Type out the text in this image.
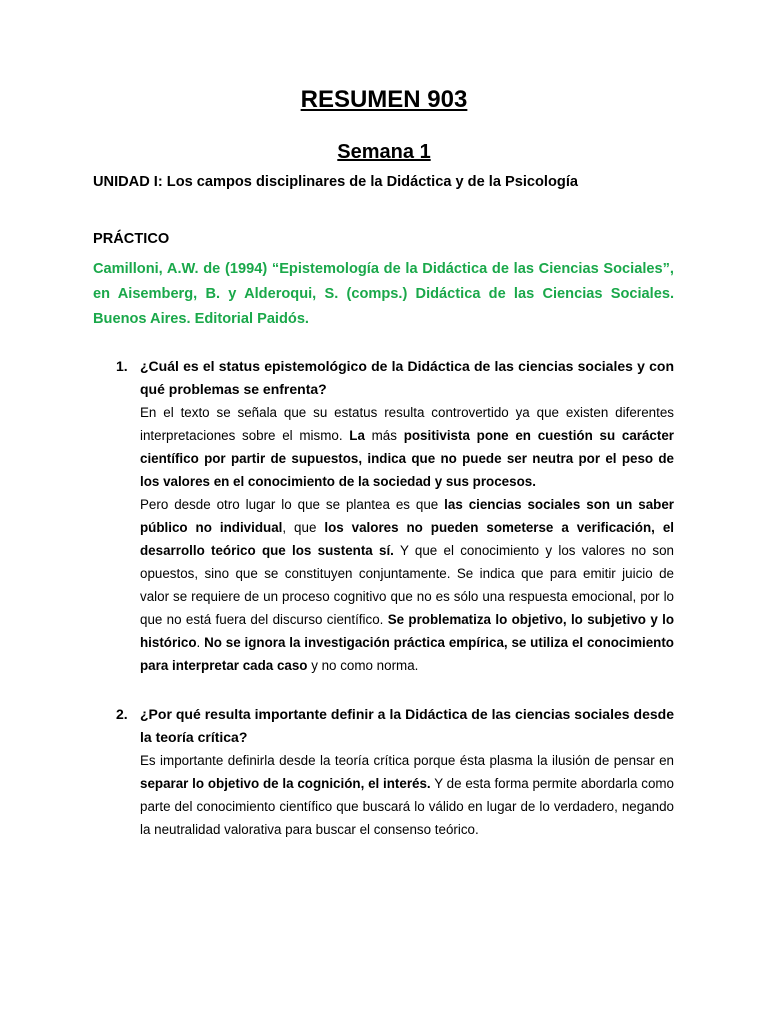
RESUMEN 903
Semana 1

UNIDAD I: Los campos disciplinares de la Didáctica y de la Psicología

PRÁCTICO

Camilloni, A.W. de (1994) “Epistemología de la Didáctica de las Ciencias Sociales”, en Aisemberg, B. y Alderoqui, S. (comps.) Didáctica de las Ciencias Sociales. Buenos Aires. Editorial Paidós.

1. ¿Cuál es el status epistemológico de la Didáctica de las ciencias sociales y con qué problemas se enfrenta?

En el texto se señala que su estatus resulta controvertido ya que existen diferentes interpretaciones sobre el mismo. La más positivista pone en cuestión su carácter científico por partir de supuestos, indica que no puede ser neutra por el peso de los valores en el conocimiento de la sociedad y sus procesos.

Pero desde otro lugar lo que se plantea es que las ciencias sociales son un saber público no individual, que los valores no pueden someterse a verificación, el desarrollo teórico que los sustenta sí. Y que el conocimiento y los valores no son opuestos, sino que se constituyen conjuntamente. Se indica que para emitir juicio de valor se requiere de un proceso cognitivo que no es sólo una respuesta emocional, por lo que no está fuera del discurso científico. Se problematiza lo objetivo, lo subjetivo y lo histórico. No se ignora la investigación práctica empírica, se utiliza el conocimiento para interpretar cada caso y no como norma.

2. ¿Por qué resulta importante definir a la Didáctica de las ciencias sociales desde la teoría crítica?

Es importante definirla desde la teoría crítica porque ésta plasma la ilusión de pensar en separar lo objetivo de la cognición, el interés. Y de esta forma permite abordarla como parte del conocimiento científico que buscará lo válido en lugar de lo verdadero, negando la neutralidad valorativa para buscar el consenso teórico.
